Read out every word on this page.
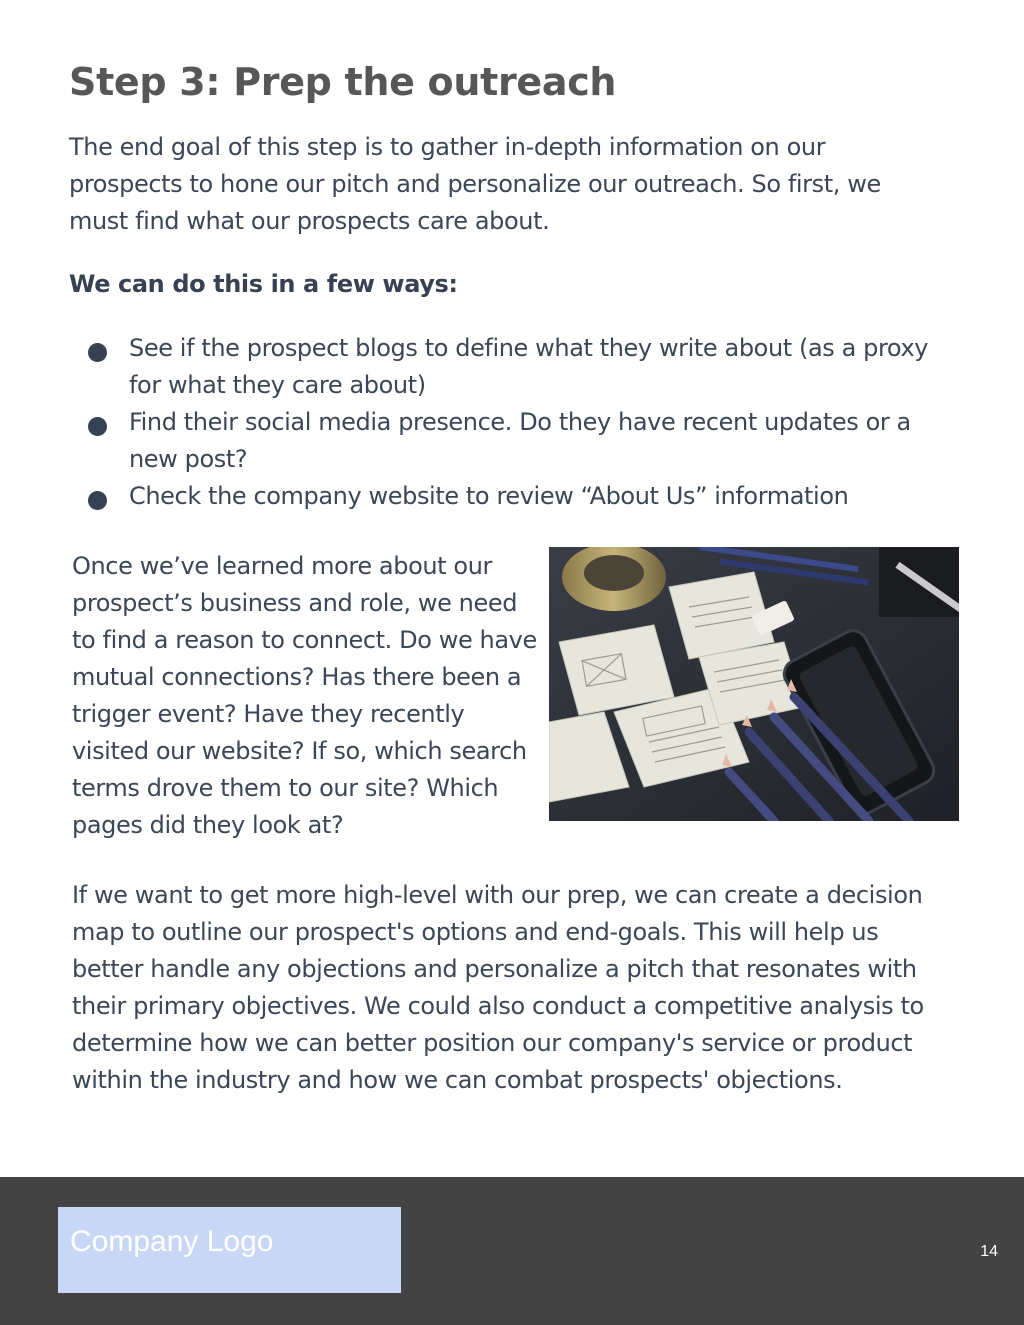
Step 3: Prep the outreach

The end goal of this step is to gather in-depth information on our prospects to hone our pitch and personalize our outreach. So first, we must find what our prospects care about.

We can do this in a few ways:

See if the prospect blogs to define what they write about (as a proxy for what they care about)
Find their social media presence. Do they have recent updates or a new post?
Check the company website to review “About Us” information

Once we’ve learned more about our prospect’s business and role, we need to find a reason to connect. Do we have mutual connections? Has there been a trigger event? Have they recently visited our website? If so, which search terms drove them to our site? Which pages did they look at?

If we want to get more high-level with our prep, we can create a decision map to outline our prospect's options and end-goals. This will help us better handle any objections and personalize a pitch that resonates with their primary objectives. We could also conduct a competitive analysis to determine how we can better position our company's service or product within the industry and how we can combat prospects' objections.

Company Logo	14
